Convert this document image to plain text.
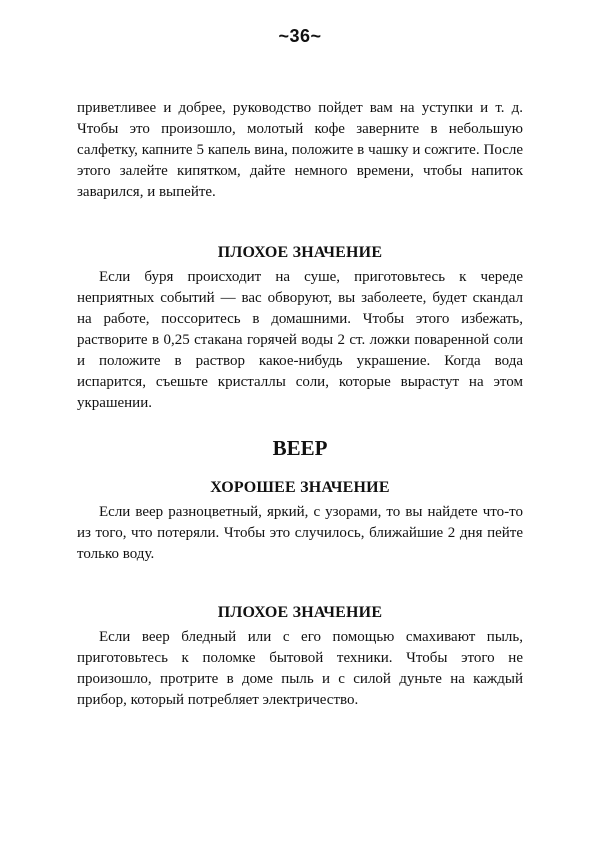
~36~

приветливее и добрее, руководство пойдет вам на уступки и т. д. Чтобы это произошло, молотый кофе заверните в небольшую салфетку, капните 5 капель вина, положите в чашку и сожгите. После этого залейте кипятком, дайте немного времени, чтобы напиток заварился, и выпейте.

ПЛОХОЕ ЗНАЧЕНИЕ

Если буря происходит на суше, приготовьтесь к череде неприятных событий — вас обворуют, вы заболеете, будет скандал на работе, поссоритесь в домашними. Чтобы этого избежать, растворите в 0,25 стакана горячей воды 2 ст. ложки поваренной соли и положите в раствор какое-нибудь украшение. Когда вода испарится, съешьте кристаллы соли, которые вырастут на этом украшении.

ВЕЕР
ХОРОШЕЕ ЗНАЧЕНИЕ

Если веер разноцветный, яркий, с узорами, то вы найдете что-то из того, что потеряли. Чтобы это случилось, ближайшие 2 дня пейте только воду.

ПЛОХОЕ ЗНАЧЕНИЕ

Если веер бледный или с его помощью смахивают пыль, приготовьтесь к поломке бытовой техники. Чтобы этого не произошло, протрите в доме пыль и с силой дуньте на каждый прибор, который потребляет электричество.
